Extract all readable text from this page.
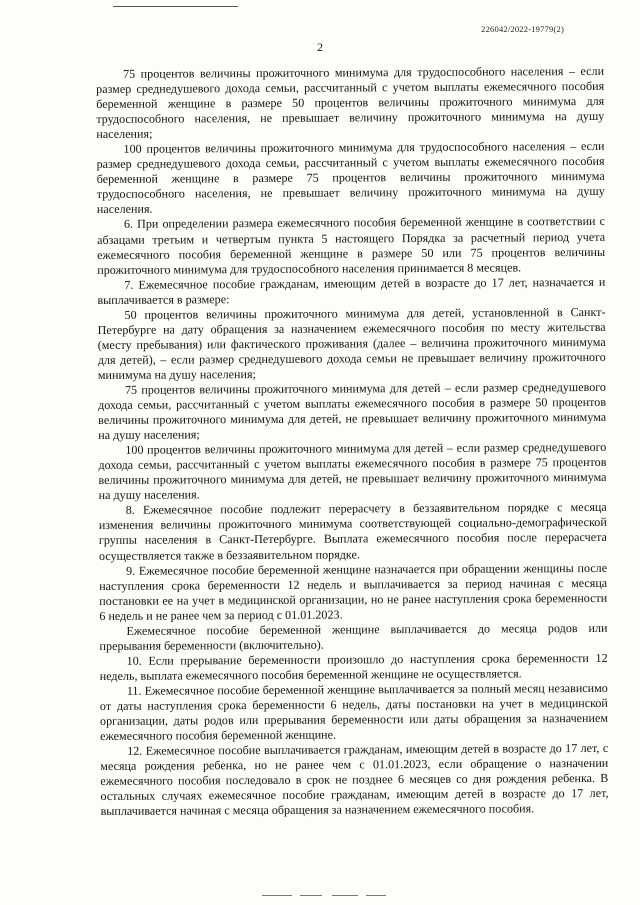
226042/2022-19779(2)
2

75 процентов величины прожиточного минимума для трудоспособного населения – если размер среднедушевого дохода семьи, рассчитанный с учетом выплаты ежемесячного пособия беременной женщине в размере 50 процентов величины прожиточного минимума для трудоспособного населения, не превышает величину прожиточного минимума на душу населения;

100 процентов величины прожиточного минимума для трудоспособного населения – если размер среднедушевого дохода семьи, рассчитанный с учетом выплаты ежемесячного пособия беременной женщине в размере 75 процентов величины прожиточного минимума трудоспособного населения, не превышает величину прожиточного минимума на душу населения.

6. При определении размера ежемесячного пособия беременной женщине в соответствии с абзацами третьим и четвертым пункта 5 настоящего Порядка за расчетный период учета ежемесячного пособия беременной женщине в размере 50 или 75 процентов величины прожиточного минимума для трудоспособного населения принимается 8 месяцев.

7. Ежемесячное пособие гражданам, имеющим детей в возрасте до 17 лет, назначается и выплачивается в размере:

50 процентов величины прожиточного минимума для детей, установленной в Санкт-Петербурге на дату обращения за назначением ежемесячного пособия по месту жительства (месту пребывания) или фактического проживания (далее – величина прожиточного минимума для детей), – если размер среднедушевого дохода семьи не превышает величину прожиточного минимума на душу населения;

75 процентов величины прожиточного минимума для детей – если размер среднедушевого дохода семьи, рассчитанный с учетом выплаты ежемесячного пособия в размере 50 процентов величины прожиточного минимума для детей, не превышает величину прожиточного минимума на душу населения;

100 процентов величины прожиточного минимума для детей – если размер среднедушевого дохода семьи, рассчитанный с учетом выплаты ежемесячного пособия в размере 75 процентов величины прожиточного минимума для детей, не превышает величину прожиточного минимума на душу населения.

8. Ежемесячное пособие подлежит перерасчету в беззаявительном порядке с месяца изменения величины прожиточного минимума соответствующей социально-демографической группы населения в Санкт-Петербурге. Выплата ежемесячного пособия после перерасчета осуществляется также в беззаявительном порядке.

9. Ежемесячное пособие беременной женщине назначается при обращении женщины после наступления срока беременности 12 недель и выплачивается за период начиная с месяца постановки ее на учет в медицинской организации, но не ранее наступления срока беременности 6 недель и не ранее чем за период с 01.01.2023.

Ежемесячное пособие беременной женщине выплачивается до месяца родов или прерывания беременности (включительно).

10. Если прерывание беременности произошло до наступления срока беременности 12 недель, выплата ежемесячного пособия беременной женщине не осуществляется.

11. Ежемесячное пособие беременной женщине выплачивается за полный месяц независимо от даты наступления срока беременности 6 недель, даты постановки на учет в медицинской организации, даты родов или прерывания беременности или даты обращения за назначением ежемесячного пособия беременной женщине.

12. Ежемесячное пособие выплачивается гражданам, имеющим детей в возрасте до 17 лет, с месяца рождения ребенка, но не ранее чем с 01.01.2023, если обращение о назначении ежемесячного пособия последовало в срок не позднее 6 месяцев со дня рождения ребенка. В остальных случаях ежемесячное пособие гражданам, имеющим детей в возрасте до 17 лет, выплачивается начиная с месяца обращения за назначением ежемесячного пособия.
